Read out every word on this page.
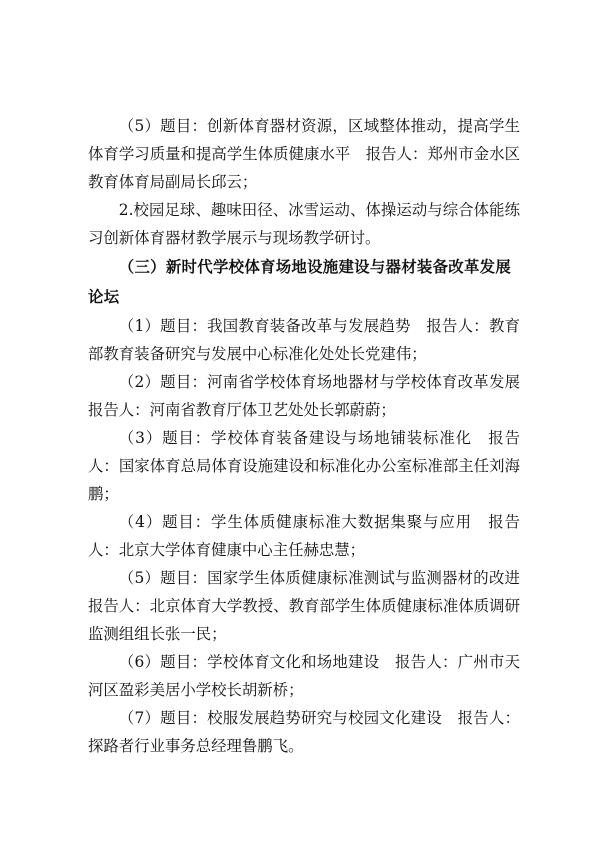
（5）题目：创新体育器材资源，区域整体推动，提高学生体育学习质量和提高学生体质健康水平　报告人：郑州市金水区教育体育局副局长邱云；

2.校园足球、趣味田径、冰雪运动、体操运动与综合体能练习创新体育器材教学展示与现场教学研讨。

（三）新时代学校体育场地设施建设与器材装备改革发展论坛

（1）题目：我国教育装备改革与发展趋势　报告人：教育部教育装备研究与发展中心标准化处处长党建伟；

（2）题目：河南省学校体育场地器材与学校体育改革发展　报告人：河南省教育厅体卫艺处处长郭蔚蔚；

（3）题目：学校体育装备建设与场地铺装标准化　报告人：国家体育总局体育设施建设和标准化办公室标准部主任刘海鹏；

（4）题目：学生体质健康标准大数据集聚与应用　报告人：北京大学体育健康中心主任赫忠慧；

（5）题目：国家学生体质健康标准测试与监测器材的改进　报告人：北京体育大学教授、教育部学生体质健康标准体质调研监测组组长张一民；

（6）题目：学校体育文化和场地建设　报告人：广州市天河区盈彩美居小学校长胡新桥；

（7）题目：校服发展趋势研究与校园文化建设　报告人：探路者行业事务总经理鲁鹏飞。
